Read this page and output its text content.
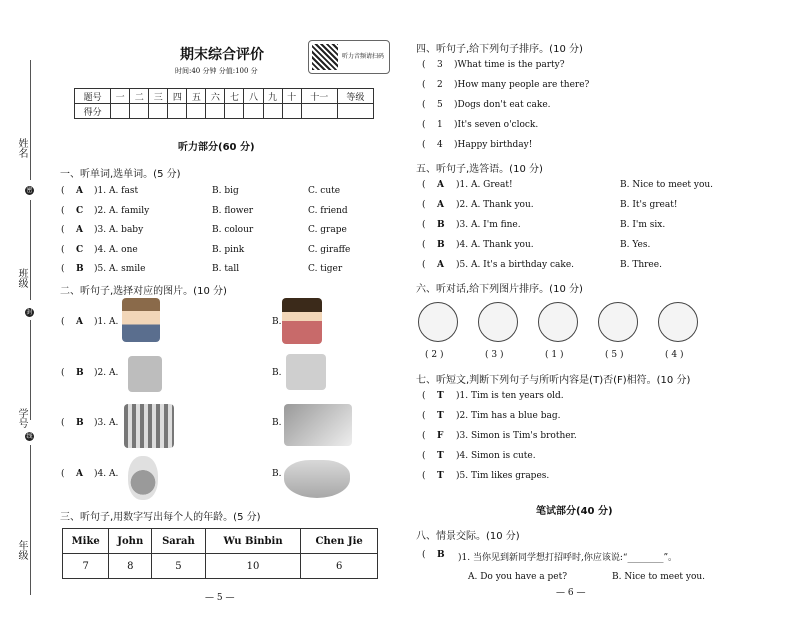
密
封
线
姓名
班级
学号
年级
期末综合评价
时间:40 分钟 分值:100 分
听力音频请扫码
题号	一	二	三	四	五	六	七	八	九	十	十一	等级
得分												
听力部分(60 分)
一、听单词,选单词。(5 分)
( A )1. A. fast	B. big	C. cute
( C )2. A. family	B. flower	C. friend
( A )3. A. baby	B. colour	C. grape
( C )4. A. one	B. pink	C. giraffe
( B )5. A. smile	B. tall	C. tiger
二、听句子,选择对应的图片。(10 分)
( A )1. A.	B.
( B )2. A.	B.
( B )3. A.	B.
( A )4. A.	B.
三、听句子,用数字写出每个人的年龄。(5 分)
Mike	John	Sarah	Wu Binbin	Chen Jie
7	8	5	10	6
— 5 —
四、听句子,给下列句子排序。(10 分)
( 3 )What time is the party?
( 2 )How many people are there?
( 5 )Dogs don't eat cake.
( 1 )It's seven o'clock.
( 4 )Happy birthday!
五、听句子,选答语。(10 分)
( A )1. A. Great!	B. Nice to meet you.
( A )2. A. Thank you.	B. It's great!
( B )3. A. I'm fine.	B. I'm six.
( B )4. A. Thank you.	B. Yes.
( A )5. A. It's a birthday cake.	B. Three.
六、听对话,给下列图片排序。(10 分)
( 2 )	( 3 )	( 1 )	( 5 )	( 4 )
七、听短文,判断下列句子与所听内容是(T)否(F)相符。(10 分)
( T )1. Tim is ten years old.
( T )2. Tim has a blue bag.
( F )3. Simon is Tim's brother.
( T )4. Simon is cute.
( T )5. Tim likes grapes.
笔试部分(40 分)
八、情景交际。(10 分)
( B )1. 当你见到新同学想打招呼时,你应该说:“________”。
A. Do you have a pet?	B. Nice to meet you.
— 6 —
